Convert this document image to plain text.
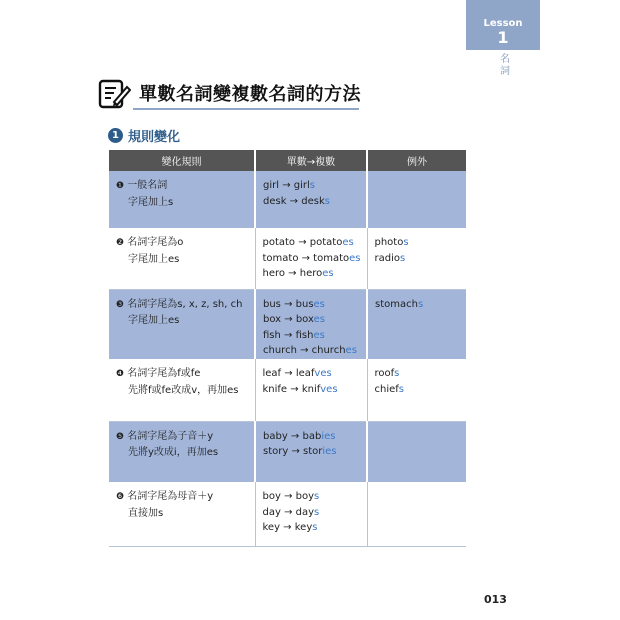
Lesson
1
名詞
單數名詞變複數名詞的方法
1 規則變化
變化規則	單數→複數	例外

❶ 一般名詞
字尾加上s	girl → girls
desk → desks	

❷ 名詞字尾為o
字尾加上es	potato → potatoes
tomato → tomatoes
hero → heroes	photos
radios

❸ 名詞字尾為s, x, z, sh, ch
字尾加上es	bus → buses
box → boxes
fish → fishes
church → churches	stomachs

❹ 名詞字尾為f或fe
先將f或fe改成v，再加es	leaf → leafves
knife → knifves	roofs
chiefs

❺ 名詞字尾為子音＋y
先將y改成i，再加es	baby → babies
story → stories	

❻ 名詞字尾為母音＋y
直接加s	boy → boys
day → days
key → keys	

013
